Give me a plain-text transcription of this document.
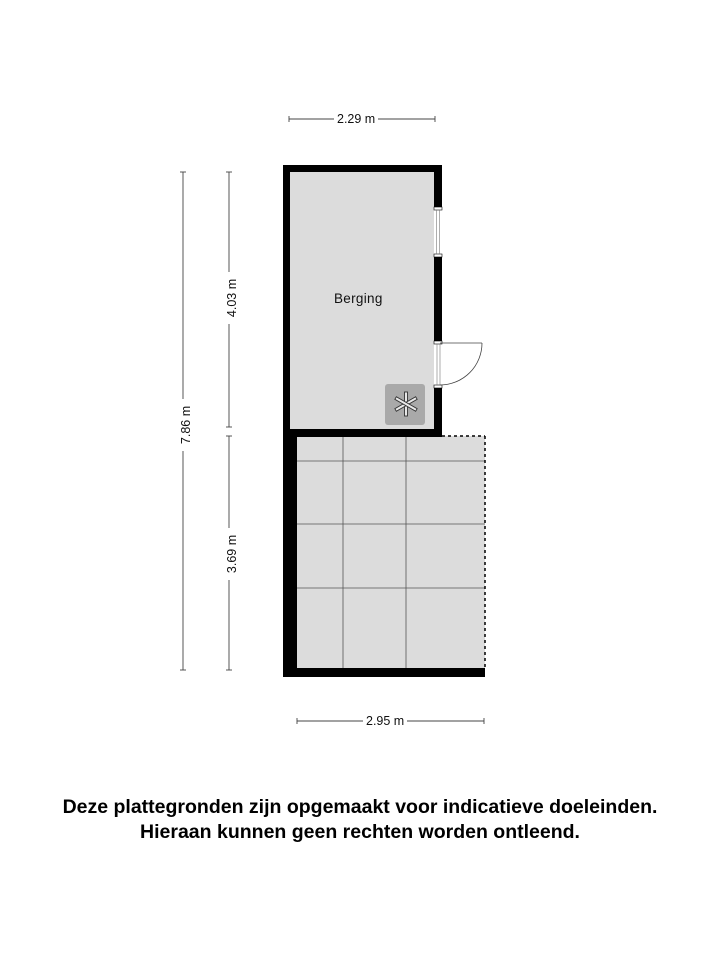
2.29 m
2.95 m
7.86 m
4.03 m
3.69 m
Berging
Deze plattegronden zijn opgemaakt voor indicatieve doeleinden.
Hieraan kunnen geen rechten worden ontleend.
